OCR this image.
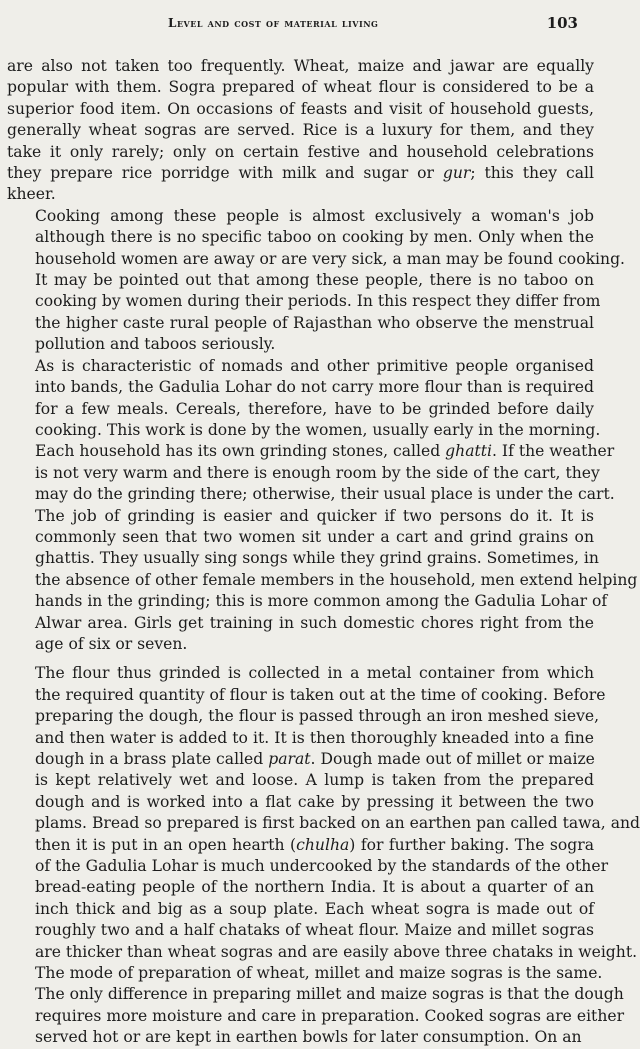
Level and cost of material living	103

are also not taken too frequently. Wheat, maize and jawar are equally
popular with them. Sogra prepared of wheat flour is considered to be a
superior food item. On occasions of feasts and visit of household guests,
generally wheat sogras are served. Rice is a luxury for them, and they
take it only rarely; only on certain festive and household celebrations
they prepare rice porridge with milk and sugar or gur; this they call
kheer.

Cooking among these people is almost exclusively a woman's job
although there is no specific taboo on cooking by men. Only when the
household women are away or are very sick, a man may be found cooking.
It may be pointed out that among these people, there is no taboo on
cooking by women during their periods. In this respect they differ from
the higher caste rural people of Rajasthan who observe the menstrual
pollution and taboos seriously.

As is characteristic of nomads and other primitive people organised
into bands, the Gadulia Lohar do not carry more flour than is required
for a few meals. Cereals, therefore, have to be grinded before daily
cooking. This work is done by the women, usually early in the morning.
Each household has its own grinding stones, called ghatti. If the weather
is not very warm and there is enough room by the side of the cart, they
may do the grinding there; otherwise, their usual place is under the cart.
The job of grinding is easier and quicker if two persons do it. It is
commonly seen that two women sit under a cart and grind grains on
ghattis. They usually sing songs while they grind grains. Sometimes, in
the absence of other female members in the household, men extend helping
hands in the grinding; this is more common among the Gadulia Lohar of
Alwar area. Girls get training in such domestic chores right from the
age of six or seven.

The flour thus grinded is collected in a metal container from which
the required quantity of flour is taken out at the time of cooking. Before
preparing the dough, the flour is passed through an iron meshed sieve,
and then water is added to it. It is then thoroughly kneaded into a fine
dough in a brass plate called parat. Dough made out of millet or maize
is kept relatively wet and loose. A lump is taken from the prepared
dough and is worked into a flat cake by pressing it between the two
plams. Bread so prepared is first backed on an earthen pan called tawa, and
then it is put in an open hearth (chulha) for further baking. The sogra
of the Gadulia Lohar is much undercooked by the standards of the other
bread-eating people of the northern India. It is about a quarter of an
inch thick and big as a soup plate. Each wheat sogra is made out of
roughly two and a half chataks of wheat flour. Maize and millet sogras
are thicker than wheat sogras and are easily above three chataks in weight.
The mode of preparation of wheat, millet and maize sogras is the same.
The only difference in preparing millet and maize sogras is that the dough
requires more moisture and care in preparation. Cooked sogras are either
served hot or are kept in earthen bowls for later consumption. On an
